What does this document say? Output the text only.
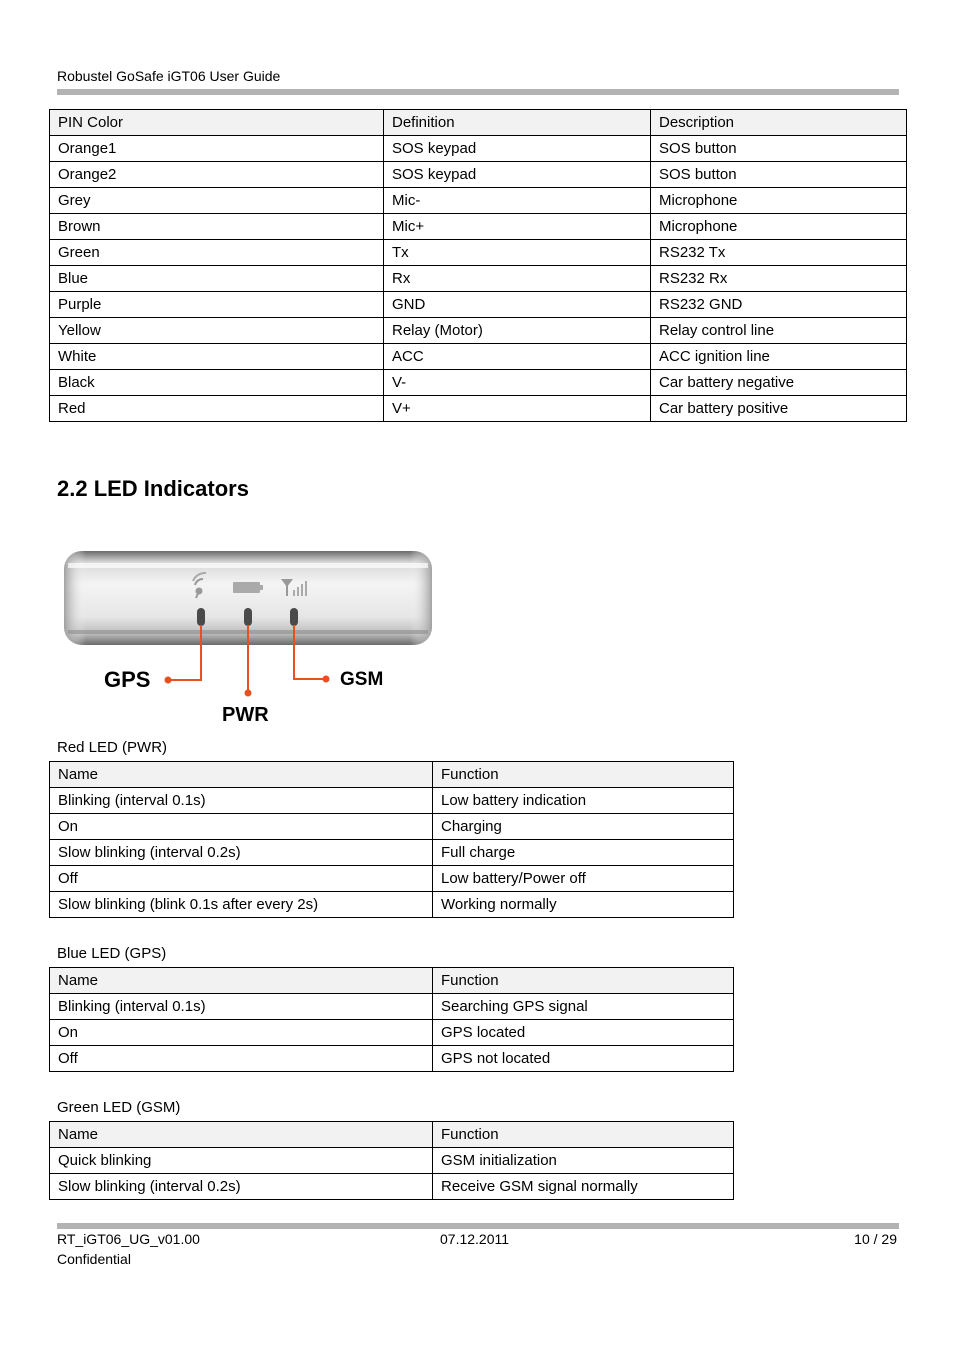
Robustel GoSafe iGT06 User Guide
PIN Color	Definition	Description
Orange1	SOS keypad	SOS button
Orange2	SOS keypad	SOS button
Grey	Mic-	Microphone
Brown	Mic+	Microphone
Green	Tx	RS232 Tx
Blue	Rx	RS232 Rx
Purple	GND	RS232 GND
Yellow	Relay (Motor)	Relay control line
White	ACC	ACC ignition line
Black	V-	Car battery negative
Red	V+	Car battery positive
2.2 LED Indicators
GPS
PWR
GSM
Red LED (PWR)
Name	Function
Blinking (interval 0.1s)	Low battery indication
On	Charging
Slow blinking (interval 0.2s)	Full charge
Off	Low battery/Power off
Slow blinking (blink 0.1s after every 2s)	Working normally
Blue LED (GPS)
Name	Function
Blinking (interval 0.1s)	Searching GPS signal
On	GPS located
Off	GPS not located
Green LED (GSM)
Name	Function
Quick blinking	GSM initialization
Slow blinking (interval 0.2s)	Receive GSM signal normally
RT_iGT06_UG_v01.00	07.12.2011	10 / 29
Confidential
